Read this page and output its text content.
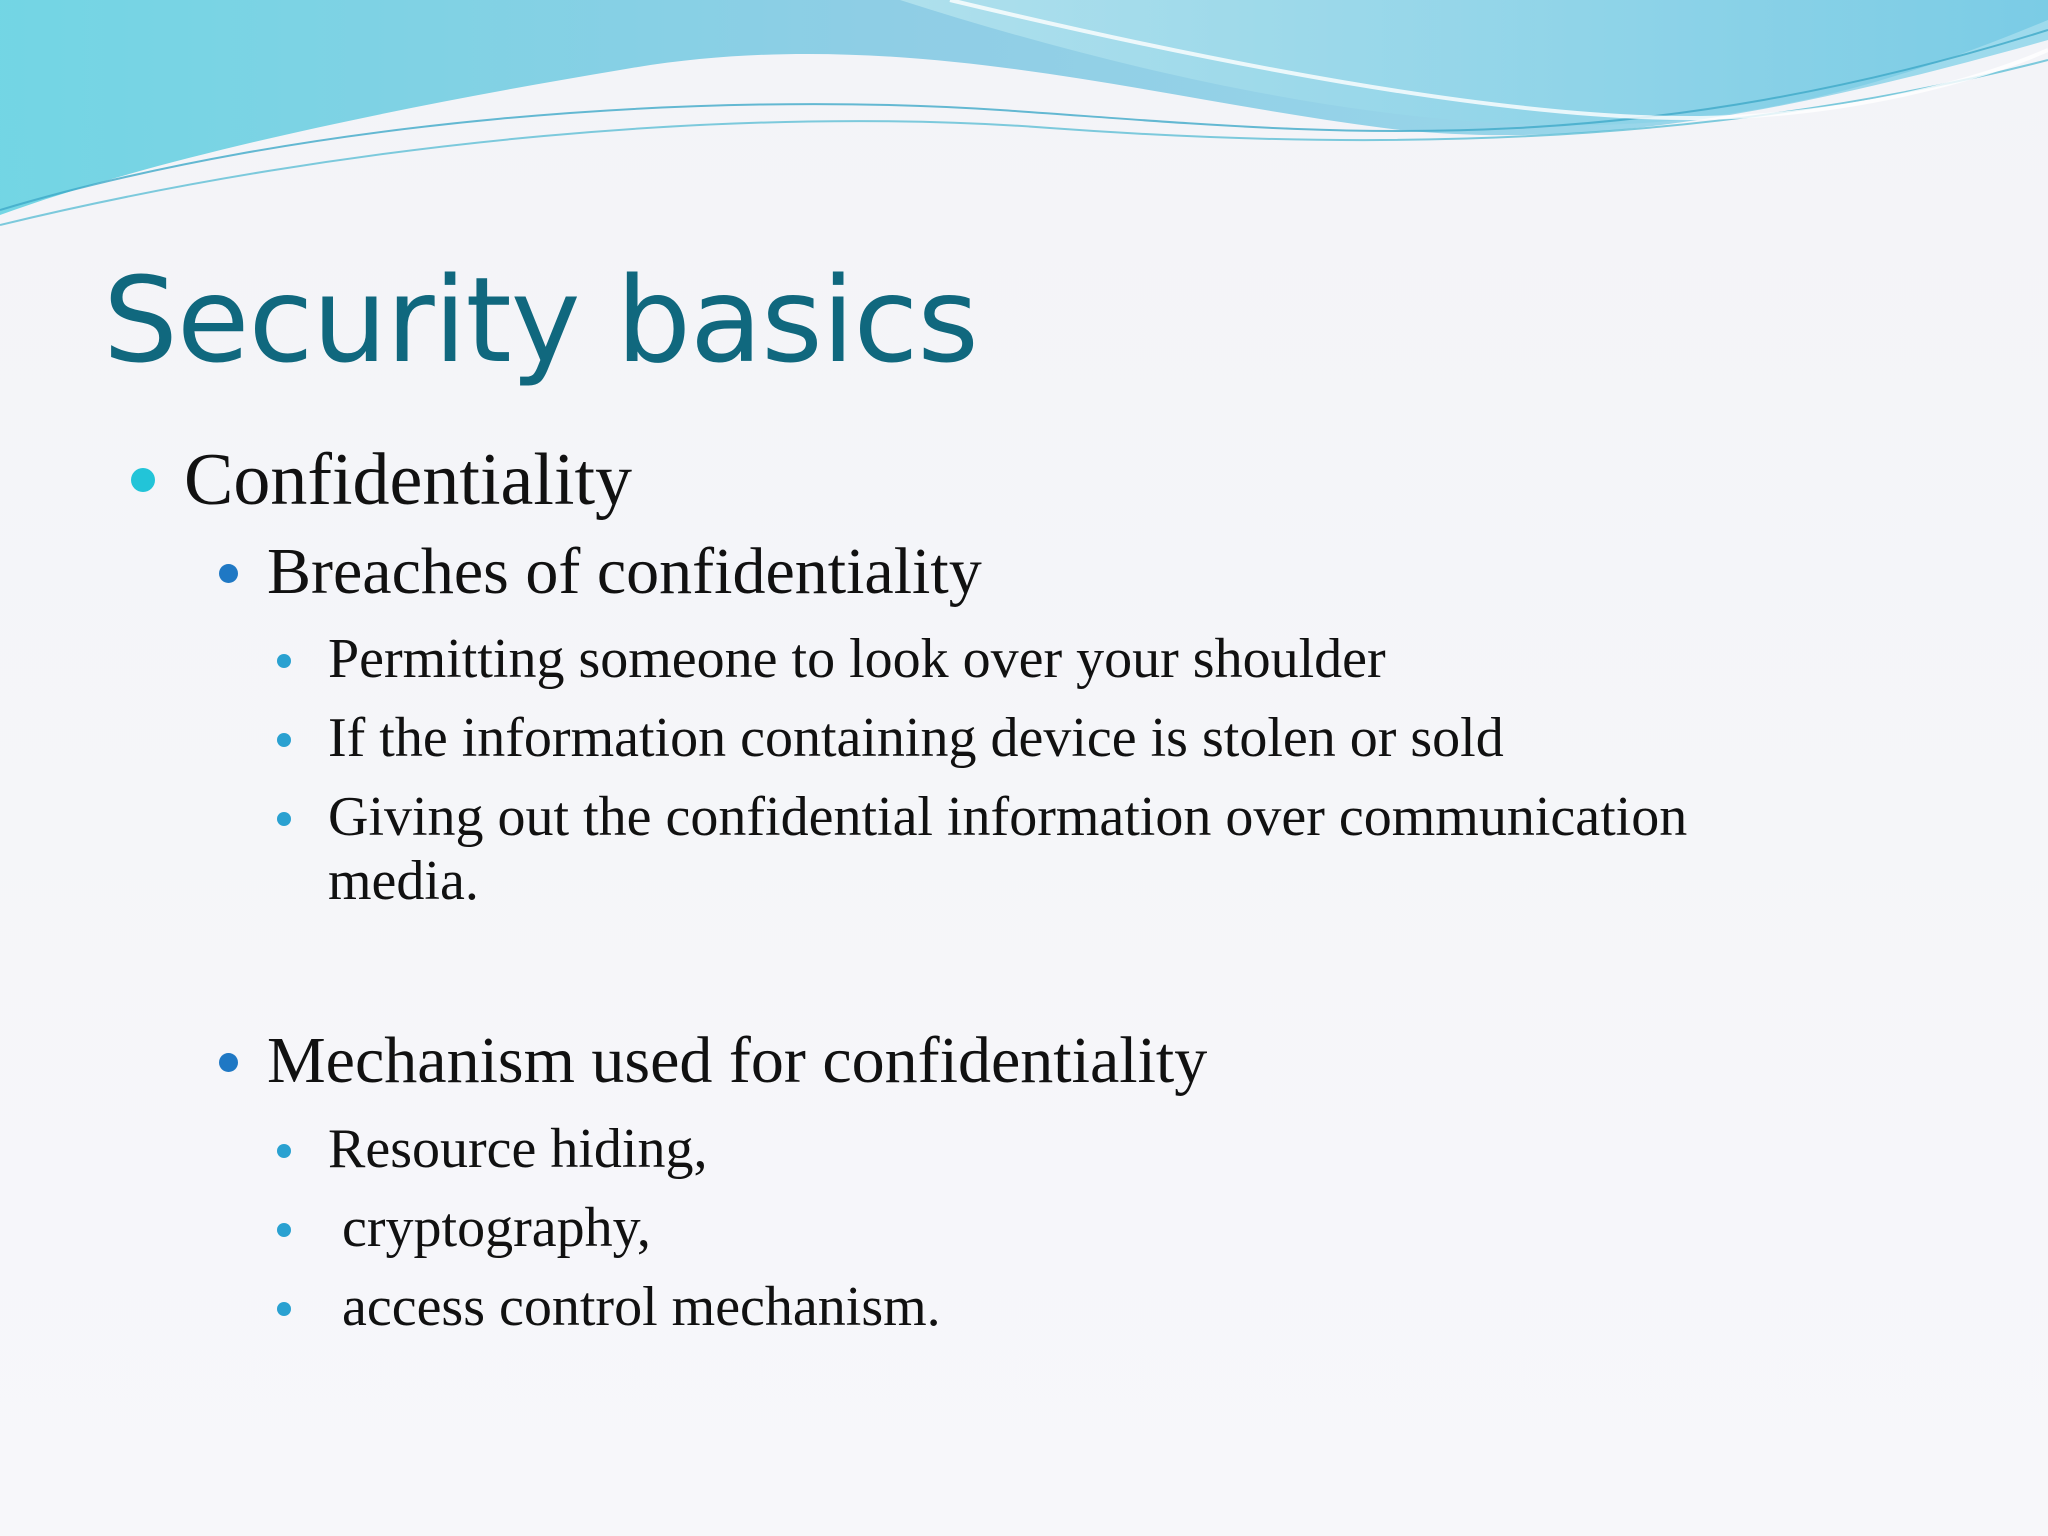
Security basics
Confidentiality
Breaches of confidentiality
Permitting someone to look over your shoulder
If the information containing device is stolen or sold
Giving out the confidential information over communication
media.
Mechanism used for confidentiality
Resource hiding,
cryptography,
access control mechanism.
